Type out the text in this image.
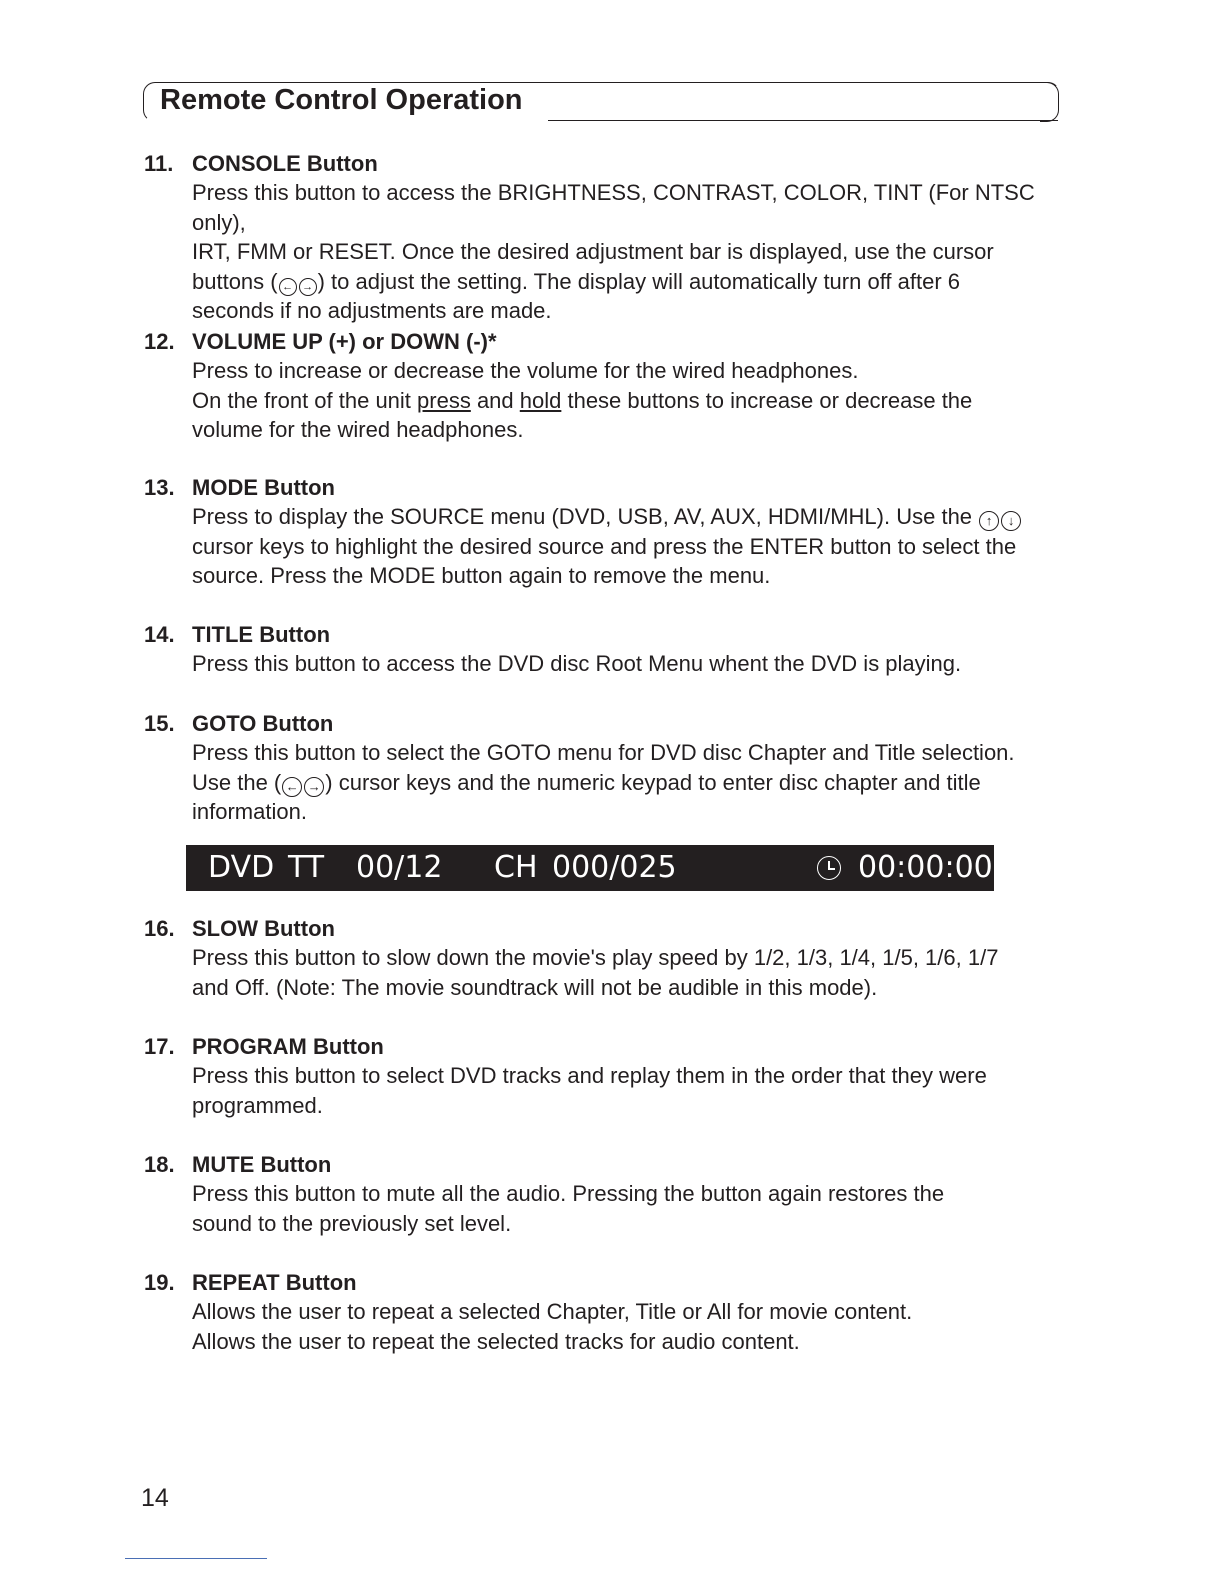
Remote Control Operation
11. CONSOLE Button

Press this button to access the BRIGHTNESS, CONTRAST, COLOR, TINT (For NTSC only),

IRT, FMM or RESET. Once the desired adjustment bar is displayed, use the cursor

buttons ( ← → ) to adjust the setting. The display will automatically turn off after 6

seconds if no adjustments are made.

12. VOLUME UP (+) or DOWN (-)*

Press to increase or decrease the volume for the wired headphones.

On the front of the unit press and hold these buttons to increase or decrease the

volume for the wired headphones.

13. MODE Button

Press to display the SOURCE menu (DVD, USB, AV, AUX, HDMI/MHL). Use the ↑ ↓

cursor keys to highlight the desired source and press the ENTER button to select the

source. Press the MODE button again to remove the menu.

14. TITLE Button

Press this button to access the DVD disc Root Menu whent the DVD is playing.

15. GOTO Button

Press this button to select the GOTO menu for DVD disc Chapter and Title selection.

Use the ( ← → ) cursor keys and the numeric keypad to enter disc chapter and title

information.

DVD TT 00/12 CH 000/025	00:00:00
16. SLOW Button

Press this button to slow down the movie's play speed by 1/2, 1/3, 1/4, 1/5, 1/6, 1/7

and Off. (Note: The movie soundtrack will not be audible in this mode).

17. PROGRAM Button

Press this button to select DVD tracks and replay them in the order that they were

programmed.

18. MUTE Button

Press this button to mute all the audio. Pressing the button again restores the

sound to the previously set level.

19. REPEAT Button

Allows the user to repeat a selected Chapter, Title or All for movie content.

Allows the user to repeat the selected tracks for audio content.

14
